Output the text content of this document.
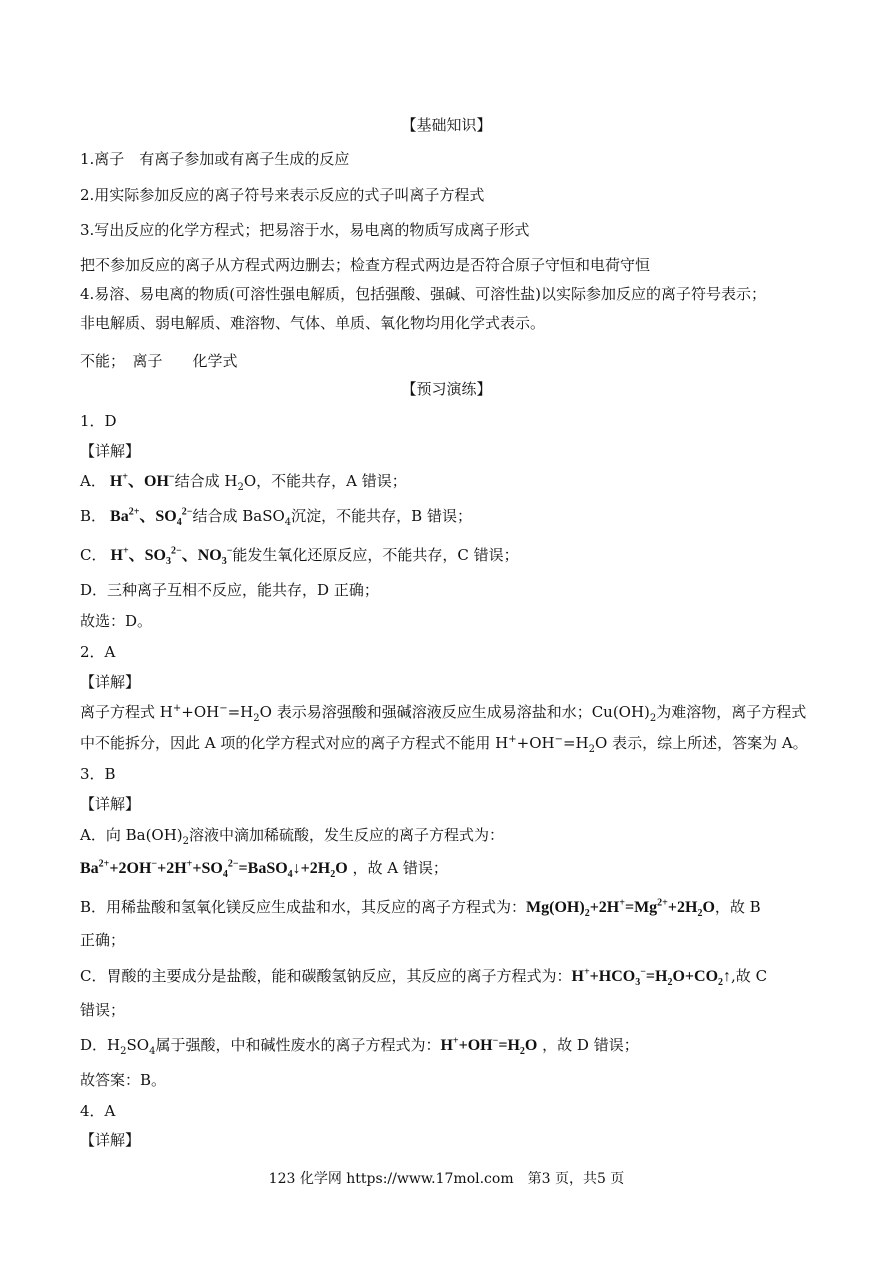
【基础知识】
1.离子　有离子参加或有离子生成的反应
2.用实际参加反应的离子符号来表示反应的式子叫离子方程式
3.写出反应的化学方程式；把易溶于水，易电离的物质写成离子形式
把不参加反应的离子从方程式两边删去；检查方程式两边是否符合原子守恒和电荷守恒
4.易溶、易电离的物质(可溶性强电解质，包括强酸、强碱、可溶性盐)以实际参加反应的离子符号表示；
非电解质、弱电解质、难溶物、气体、单质、氧化物均用化学式表示。
不能；　离子　　化学式
【预习演练】
1．D
【详解】
A． H+、OH−结合成 $H_2O$，不能共存，A 错误；
B． $Ba^{2+}$、$SO_4^{2-}$结合成 BaSO$_4$沉淀，不能共存，B 错误；
C． H+、$SO_3^{2-}$、$NO_3^-$能发生氧化还原反应，不能共存，C 错误；
D．三种离子互相不反应，能共存，D 正确；
故选：D。
2．A
【详解】
离子方程式 $H^++OH^-=H_2O$ 表示易溶强酸和强碱溶液反应生成易溶盐和水；$Cu(OH)_2$为难溶物，离子方程式
中不能拆分，因此 A 项的化学方程式对应的离子方程式不能用 $H^++OH^-=H_2O$ 表示，综上所述，答案为 A。
3．B
【详解】
A．向 $Ba(OH)_2$溶液中滴加稀硫酸，发生反应的离子方程式为：
$Ba^{2+}+2OH^-+2H^++SO_4^{2-}=BaSO_4↓+2H_2O$ ，故 A 错误；
B．用稀盐酸和氢氧化镁反应生成盐和水，其反应的离子方程式为：$Mg(OH)_2+2H^+=Mg^{2+}+2H_2O$，故 B
正确；
C．胃酸的主要成分是盐酸，能和碳酸氢钠反应，其反应的离子方程式为：$H^++HCO_3^-=H_2O+CO_2↑$,故 C
错误；
D．$H_2SO_4$属于强酸，中和碱性废水的离子方程式为：$H^++OH^-=H_2O$ ，故 D 错误；
故答案：B。
4．A
【详解】
123 化学网 https://www.17mol.com　第3 页，共5 页
